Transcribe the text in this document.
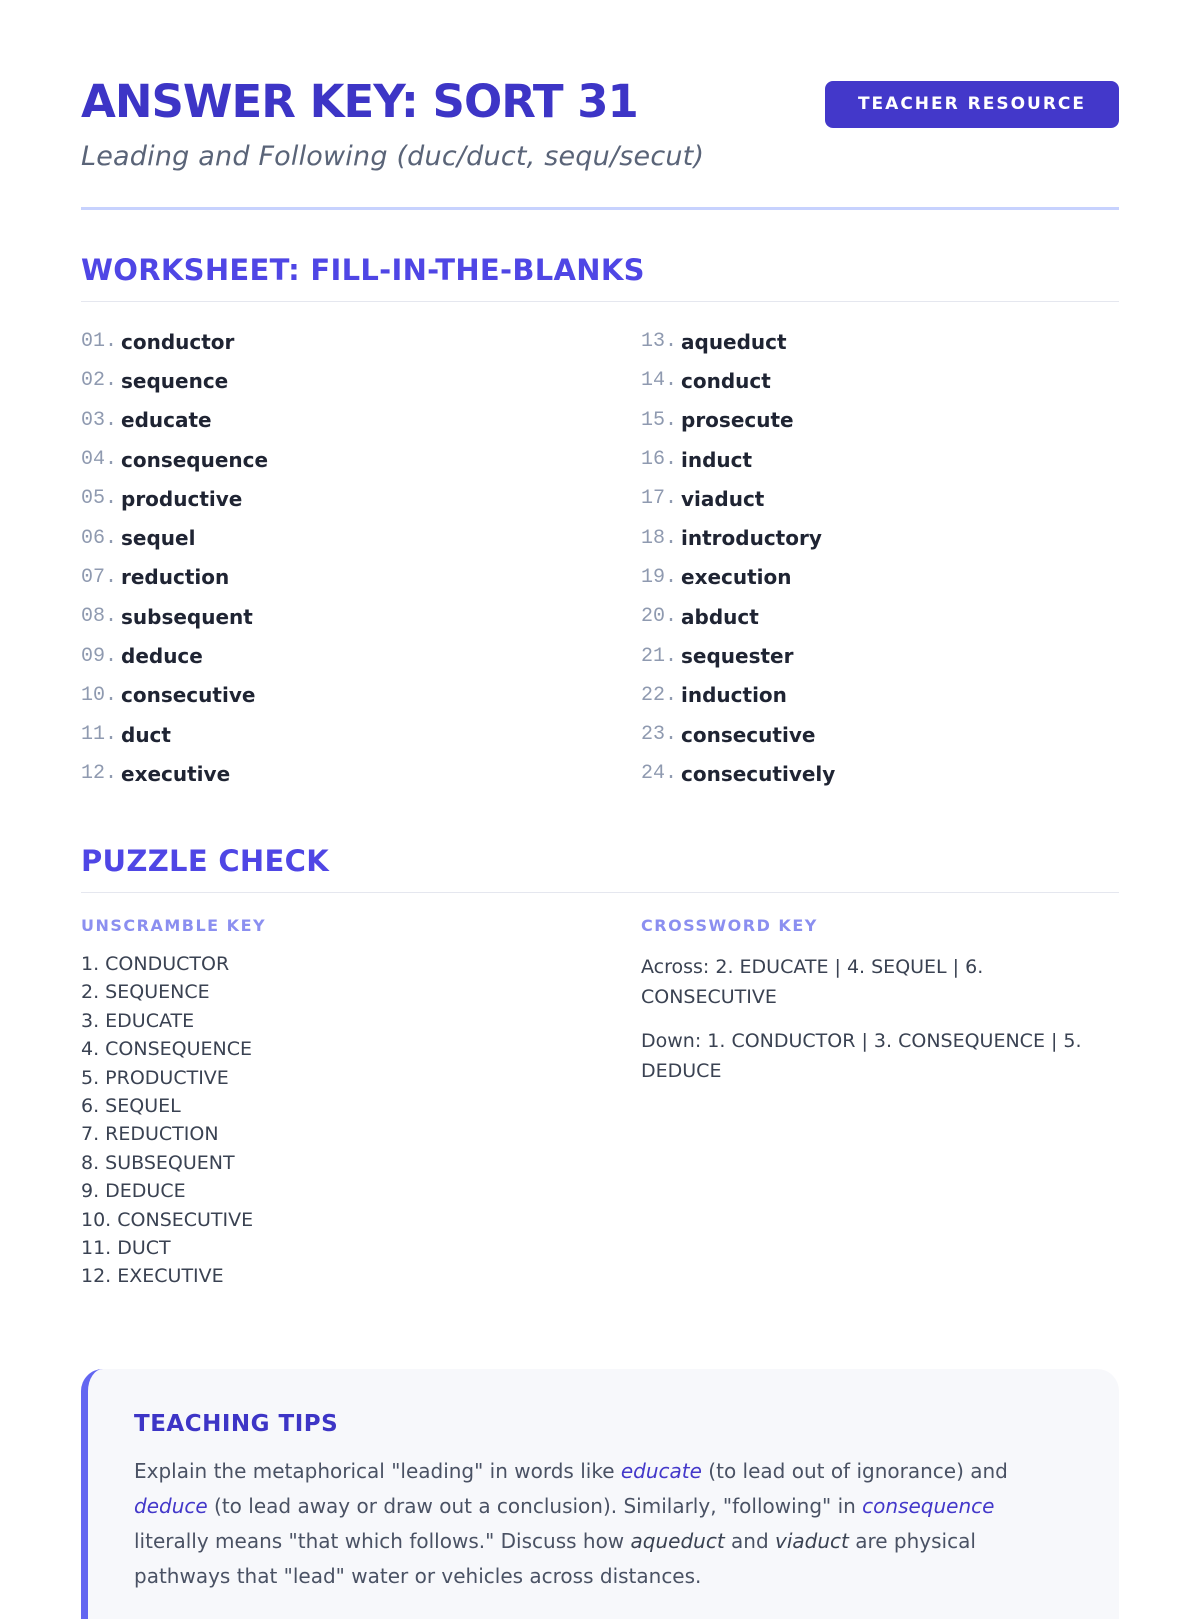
ANSWER KEY: SORT 31
Leading and Following (duc/duct, sequ/secut)
TEACHER RESOURCE
WORKSHEET: FILL-IN-THE-BLANKS
01. conductor
02. sequence
03. educate
04. consequence
05. productive
06. sequel
07. reduction
08. subsequent
09. deduce
10. consecutive
11. duct
12. executive
13. aqueduct
14. conduct
15. prosecute
16. induct
17. viaduct
18. introductory
19. execution
20. abduct
21. sequester
22. induction
23. consecutive
24. consecutively
PUZZLE CHECK
UNSCRAMBLE KEY
1. CONDUCTOR
2. SEQUENCE
3. EDUCATE
4. CONSEQUENCE
5. PRODUCTIVE
6. SEQUEL
7. REDUCTION
8. SUBSEQUENT
9. DEDUCE
10. CONSECUTIVE
11. DUCT
12. EXECUTIVE
CROSSWORD KEY

Across: 2. EDUCATE | 4. SEQUEL | 6. CONSECUTIVE

Down: 1. CONDUCTOR | 3. CONSEQUENCE | 5. DEDUCE

TEACHING TIPS

Explain the metaphorical "leading" in words like educate (to lead out of ignorance) and deduce (to lead away or draw out a conclusion). Similarly, "following" in consequence literally means "that which follows." Discuss how aqueduct and viaduct are physical pathways that "lead" water or vehicles across distances.
